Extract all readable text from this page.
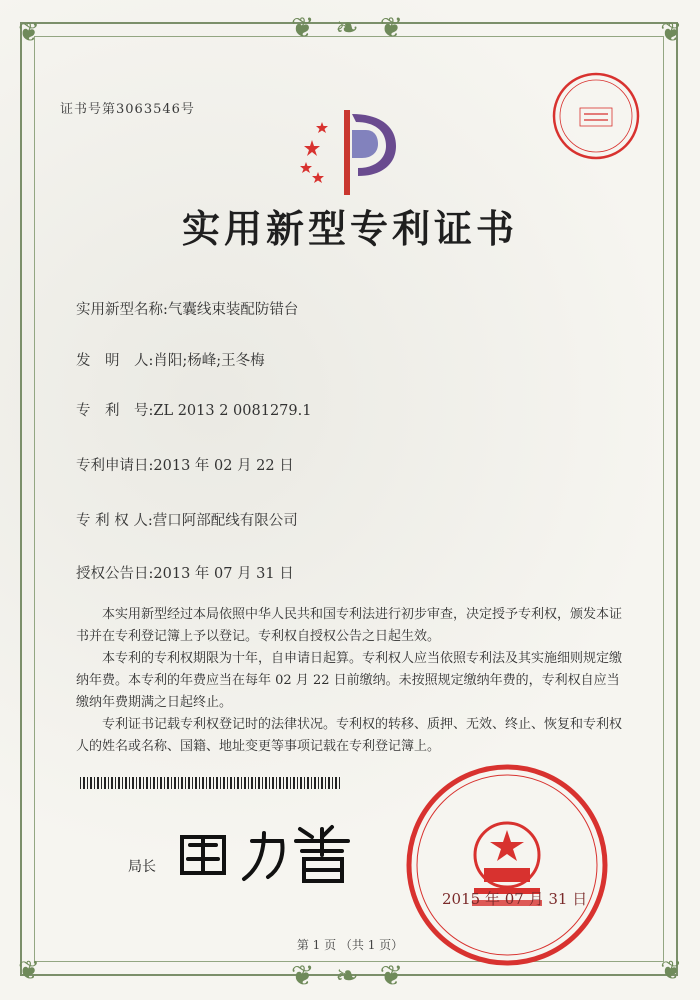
❦ ❧ ❦
❦ ❧ ❦
❦	❦
❦	❦
证书号第3063546号
实用新型专利证书
实用新型名称:气囊线束装配防错台
发　明　人:肖阳;杨峰;王冬梅
专　利　号:ZL 2013 2 0081279.1
专利申请日:2013 年 02 月 22 日
专 利 权 人:营口阿部配线有限公司
授权公告日:2013 年 07 月 31 日

本实用新型经过本局依照中华人民共和国专利法进行初步审查，决定授予专利权，颁发本证书并在专利登记簿上予以登记。专利权自授权公告之日起生效。

本专利的专利权期限为十年，自申请日起算。专利权人应当依照专利法及其实施细则规定缴纳年费。本专利的年费应当在每年 02 月 22 日前缴纳。未按照规定缴纳年费的，专利权自应当缴纳年费期满之日起终止。

专利证书记载专利权登记时的法律状况。专利权的转移、质押、无效、终止、恢复和专利权人的姓名或名称、国籍、地址变更等事项记载在专利登记簿上。

局长
2015 年 07 月 31 日
第 1 页 （共 1 页）
